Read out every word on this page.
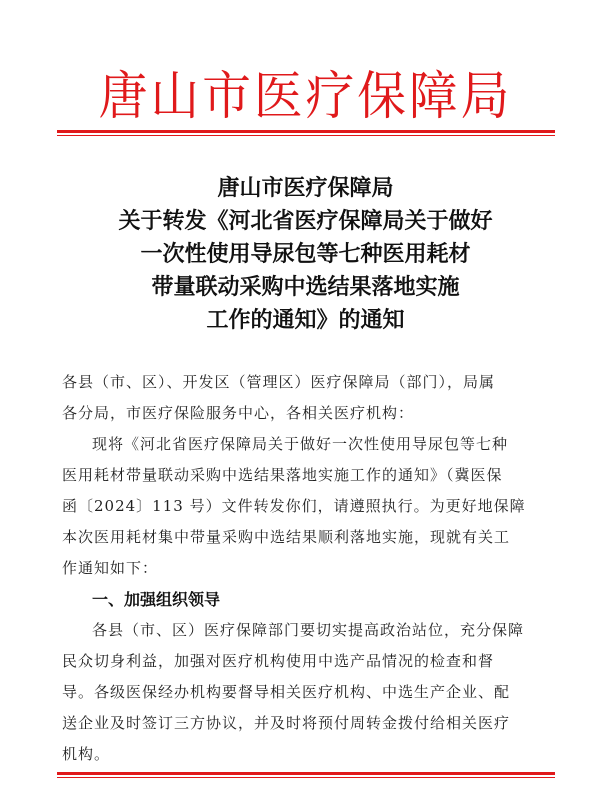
唐山市医疗保障局
唐山市医疗保障局
关于转发《河北省医疗保障局关于做好
一次性使用导尿包等七种医用耗材
带量联动采购中选结果落地实施
工作的通知》的通知
各县（市、区）、开发区（管理区）医疗保障局（部门），局属
各分局，市医疗保险服务中心，各相关医疗机构：
现将《河北省医疗保障局关于做好一次性使用导尿包等七种
医用耗材带量联动采购中选结果落地实施工作的通知》（冀医保
函〔2024〕113 号）文件转发你们，请遵照执行。为更好地保障
本次医用耗材集中带量采购中选结果顺利落地实施，现就有关工
作通知如下：
一、加强组织领导
各县（市、区）医疗保障部门要切实提高政治站位，充分保障
民众切身利益，加强对医疗机构使用中选产品情况的检查和督
导。各级医保经办机构要督导相关医疗机构、中选生产企业、配
送企业及时签订三方协议，并及时将预付周转金拨付给相关医疗
机构。
